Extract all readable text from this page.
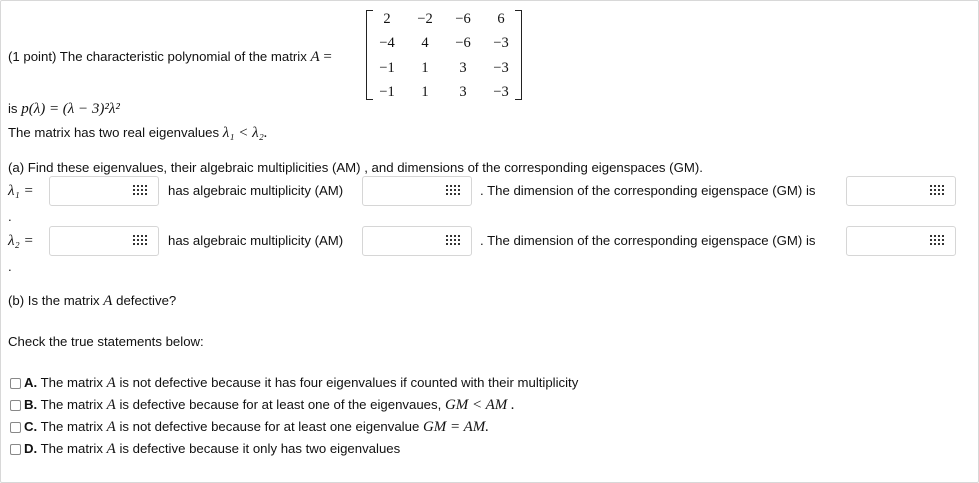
(1 point) The characteristic polynomial of the matrix A =
2	−2	−6	6
−4	4	−6	−3
−1	1	3	−3
−1	1	3	−3
is p(λ) = (λ − 3)²λ²
The matrix has two real eigenvalues λ₁ < λ₂.
(a) Find these eigenvalues, their algebraic multiplicities (AM) , and dimensions of the corresponding eigenspaces (GM).
λ₁ =	has algebraic multiplicity (AM)	. The dimension of the corresponding eigenspace (GM) is
.
λ₂ =	has algebraic multiplicity (AM)	. The dimension of the corresponding eigenspace (GM) is
.
(b) Is the matrix A defective?
Check the true statements below:
A. The matrix A is not defective because it has four eigenvalues if counted with their multiplicity
B. The matrix A is defective because for at least one of the eigenvaues, GM < AM .
C. The matrix A is not defective because for at least one eigenvalue GM = AM.
D. The matrix A is defective because it only has two eigenvalues
